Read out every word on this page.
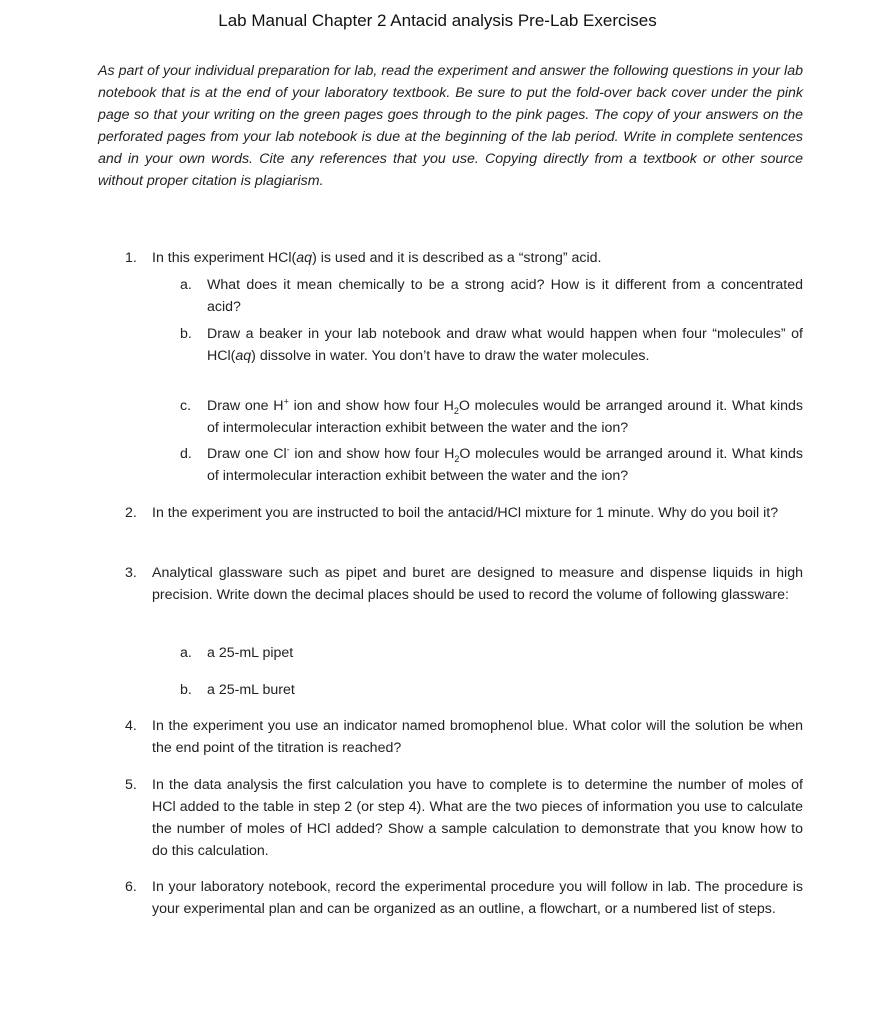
Lab Manual Chapter 2 Antacid analysis Pre-Lab Exercises
As part of your individual preparation for lab, read the experiment and answer the following questions in your lab notebook that is at the end of your laboratory textbook. Be sure to put the fold-over back cover under the pink page so that your writing on the green pages goes through to the pink pages. The copy of your answers on the perforated pages from your lab notebook is due at the beginning of the lab period. Write in complete sentences and in your own words. Cite any references that you use. Copying directly from a textbook or other source without proper citation is plagiarism.
1.	In this experiment HCl(aq) is used and it is described as a “strong” acid.
a.	What does it mean chemically to be a strong acid? How is it different from a concentrated acid?
b.	Draw a beaker in your lab notebook and draw what would happen when four “molecules” of HCl(aq) dissolve in water. You don’t have to draw the water molecules.
c.	Draw one H+ ion and show how four $H_2O$ molecules would be arranged around it. What kinds of intermolecular interaction exhibit between the water and the ion?
d.	Draw one Cl- ion and show how four $H_2O$ molecules would be arranged around it. What kinds of intermolecular interaction exhibit between the water and the ion?
2.	In the experiment you are instructed to boil the antacid/HCl mixture for 1 minute. Why do you boil it?
3.	Analytical glassware such as pipet and buret are designed to measure and dispense liquids in high precision. Write down the decimal places should be used to record the volume of following glassware:
a.	a 25-mL pipet
b.	a 25-mL buret
4.	In the experiment you use an indicator named bromophenol blue. What color will the solution be when the end point of the titration is reached?
5.	In the data analysis the first calculation you have to complete is to determine the number of moles of HCl added to the table in step 2 (or step 4). What are the two pieces of information you use to calculate the number of moles of HCl added? Show a sample calculation to demonstrate that you know how to do this calculation.
6.	In your laboratory notebook, record the experimental procedure you will follow in lab. The procedure is your experimental plan and can be organized as an outline, a flowchart, or a numbered list of steps.
